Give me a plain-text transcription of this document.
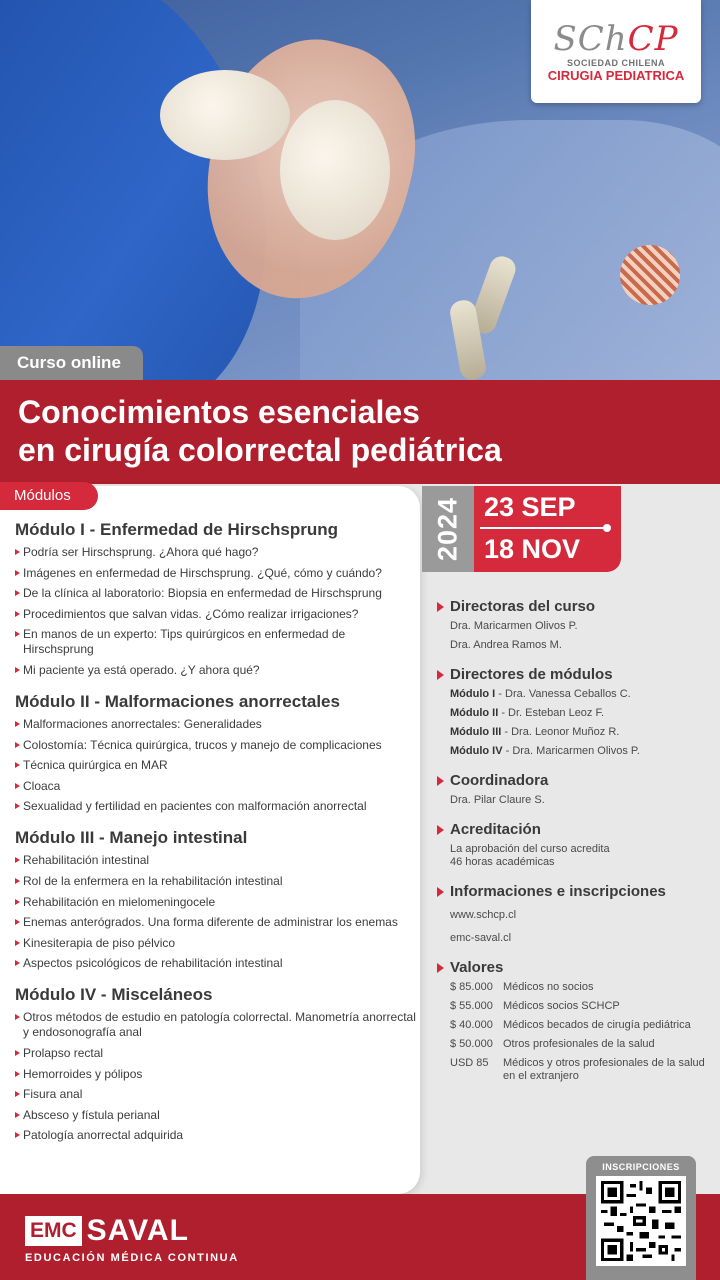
SChCP
SOCIEDAD CHILENA
CIRUGIA PEDIATRICA
Curso online
Conocimientos esenciales
en cirugía colorrectal pediátrica
Módulos
Módulo I - Enfermedad de Hirschsprung
Podría ser Hirschsprung. ¿Ahora qué hago?
Imágenes en enfermedad de Hirschsprung. ¿Qué, cómo y cuándo?
De la clínica al laboratorio: Biopsia en enfermedad de Hirschsprung
Procedimientos que salvan vidas. ¿Cómo realizar irrigaciones?
En manos de un experto: Tips quirúrgicos en enfermedad de Hirschsprung
Mi paciente ya está operado. ¿Y ahora qué?
Módulo II - Malformaciones anorrectales
Malformaciones anorrectales: Generalidades
Colostomía: Técnica quirúrgica, trucos y manejo de complicaciones
Técnica quirúrgica en MAR
Cloaca
Sexualidad y fertilidad en pacientes con malformación anorrectal
Módulo III - Manejo intestinal
Rehabilitación intestinal
Rol de la enfermera en la rehabilitación intestinal
Rehabilitación en mielomeningocele
Enemas anterógrados. Una forma diferente de administrar los enemas
Kinesiterapia de piso pélvico
Aspectos psicológicos de rehabilitación intestinal
Módulo IV - Misceláneos
Otros métodos de estudio en patología colorrectal. Manometría anorrectal y endosonografía anal
Prolapso rectal
Hemorroides y pólipos
Fisura anal
Absceso y fístula perianal
Patología anorrectal adquirida
2024 23 SEP
18 NOV
Directoras del curso

Dra. Maricarmen Olivos P.

Dra. Andrea Ramos M.

Directores de módulos

Módulo I - Dra. Vanessa Ceballos C.

Módulo II - Dr. Esteban Leoz F.

Módulo III - Dra. Leonor Muñoz R.

Módulo IV - Dra. Maricarmen Olivos P.

Coordinadora

Dra. Pilar Claure S.

Acreditación

La aprobación del curso acredita
46 horas académicas

Informaciones e inscripciones

www.schcp.cl

emc-saval.cl

Valores
$ 85.000 Médicos no socios
$ 55.000 Médicos socios SCHCP
$ 40.000 Médicos becados de cirugía pediátrica
$ 50.000 Otros profesionales de la salud
USD 85	Médicos y otros profesionales de la salud en el extranjero
EMC SAVAL
EDUCACIÓN MÉDICA CONTINUA
INSCRIPCIONES
